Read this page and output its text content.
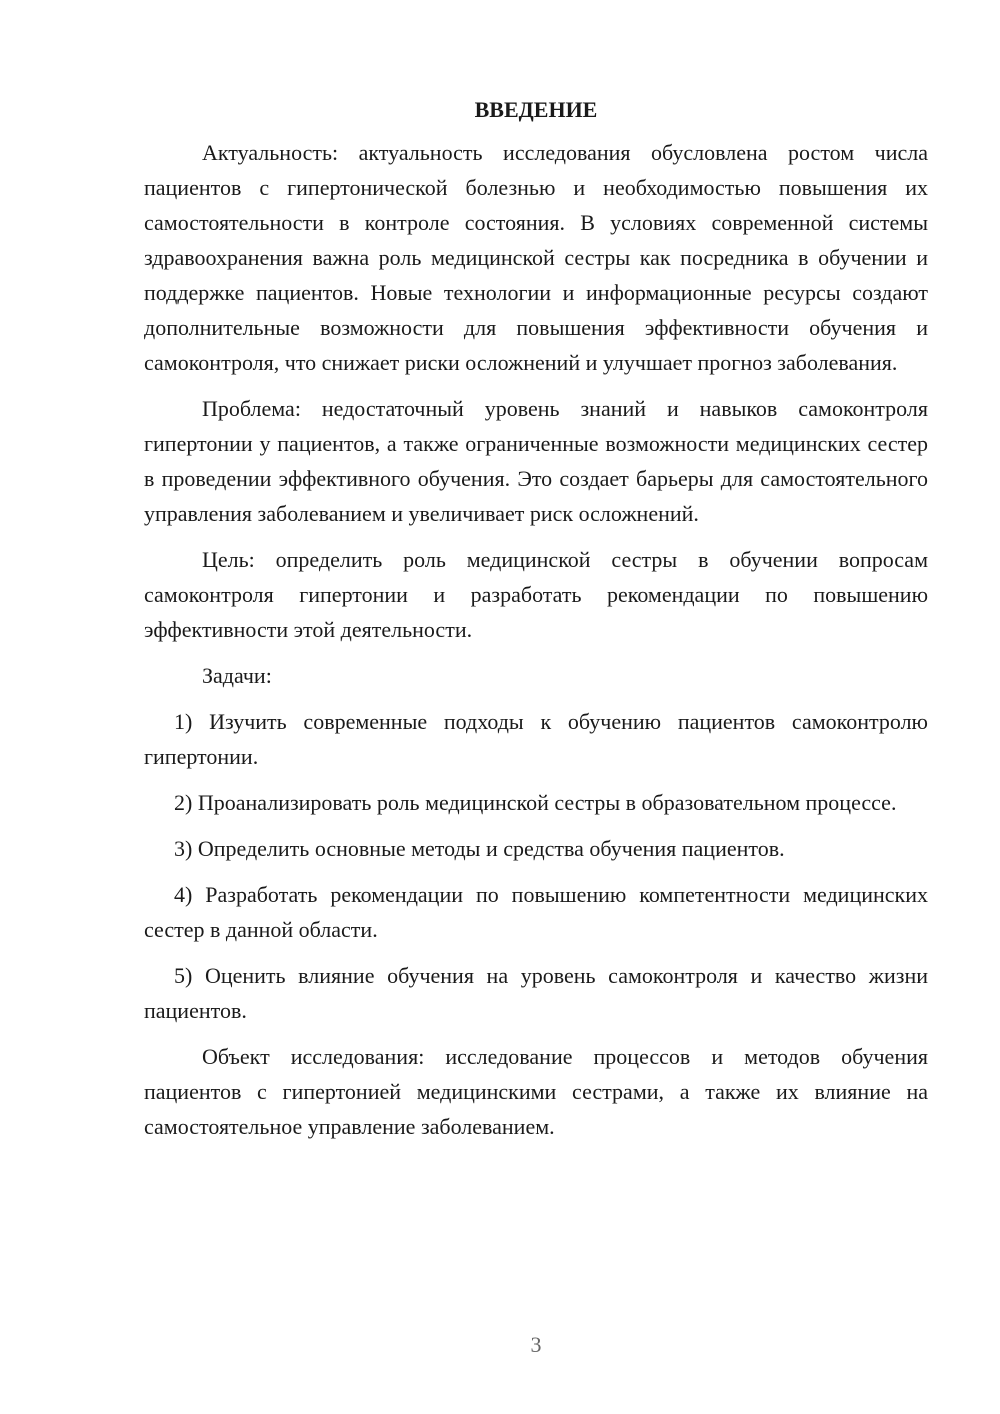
ВВЕДЕНИЕ

Актуальность: актуальность исследования обусловлена ростом числа пациентов с гипертонической болезнью и необходимостью повышения их самостоятельности в контроле состояния. В условиях современной системы здравоохранения важна роль медицинской сестры как посредника в обучении и поддержке пациентов. Новые технологии и информационные ресурсы создают дополнительные возможности для повышения эффективности обучения и самоконтроля, что снижает риски осложнений и улучшает прогноз заболевания.

Проблема: недостаточный уровень знаний и навыков самоконтроля гипертонии у пациентов, а также ограниченные возможности медицинских сестер в проведении эффективного обучения. Это создает барьеры для самостоятельного управления заболеванием и увеличивает риск осложнений.

Цель: определить роль медицинской сестры в обучении вопросам самоконтроля гипертонии и разработать рекомендации по повышению эффективности этой деятельности.

Задачи:

1) Изучить современные подходы к обучению пациентов самоконтролю гипертонии.

2) Проанализировать роль медицинской сестры в образовательном процессе.

3) Определить основные методы и средства обучения пациентов.

4) Разработать рекомендации по повышению компетентности медицинских сестер в данной области.

5) Оценить влияние обучения на уровень самоконтроля и качество жизни пациентов.

Объект исследования: исследование процессов и методов обучения пациентов с гипертонией медицинскими сестрами, а также их влияние на самостоятельное управление заболеванием.

3
